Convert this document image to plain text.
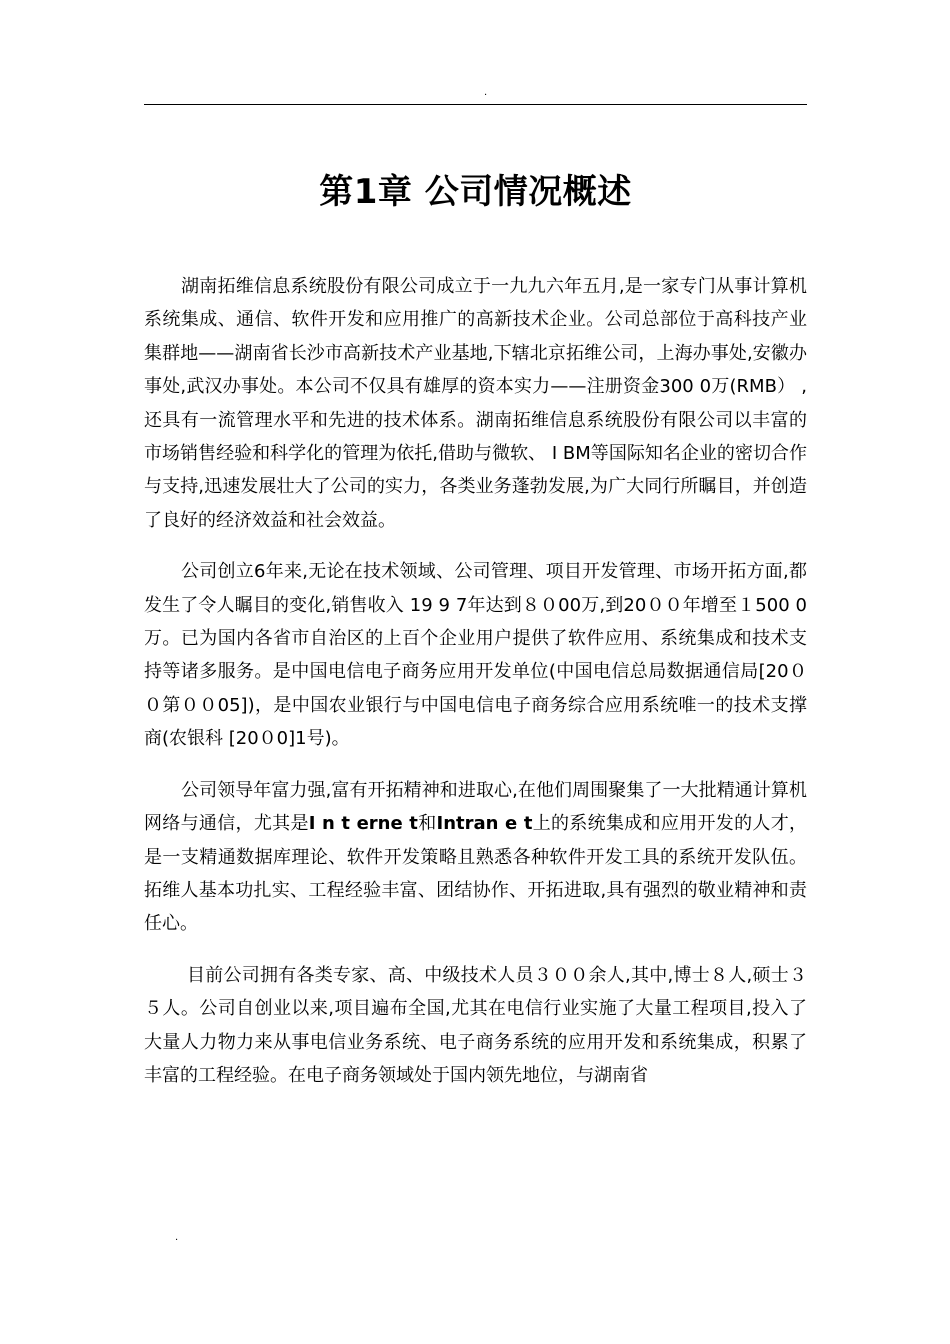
.
第1章 公司情况概述

湖南拓维信息系统股份有限公司成立于一九九六年五月,是一家专门从事计算机系统集成、通信、软件开发和应用推广的高新技术企业。公司总部位于高科技产业集群地——湖南省长沙市高新技术产业基地,下辖北京拓维公司，上海办事处,安徽办事处,武汉办事处。本公司不仅具有雄厚的资本实力——注册资金300 0万(RMB） ,还具有一流管理水平和先进的技术体系。湖南拓维信息系统股份有限公司以丰富的市场销售经验和科学化的管理为依托,借助与微软、 I BM等国际知名企业的密切合作与支持,迅速发展壮大了公司的实力，各类业务蓬勃发展,为广大同行所瞩目，并创造了良好的经济效益和社会效益。

公司创立6年来,无论在技术领域、公司管理、项目开发管理、市场开拓方面,都发生了令人瞩目的变化,销售收入 19 9 7年达到８０00万,到20００年增至１500 0万。已为国内各省市自治区的上百个企业用户提供了软件应用、系统集成和技术支持等诸多服务。是中国电信电子商务应用开发单位(中国电信总局数据通信局[20００第００05])，是中国农业银行与中国电信电子商务综合应用系统唯一的技术支撑商(农银科 [20０0]1号)。

公司领导年富力强,富有开拓精神和进取心,在他们周围聚集了一大批精通计算机网络与通信，尤其是I n t erne t和Intran e t上的系统集成和应用开发的人才，是一支精通数据库理论、软件开发策略且熟悉各种软件开发工具的系统开发队伍。拓维人基本功扎实、工程经验丰富、团结协作、开拓进取,具有强烈的敬业精神和责任心。

目前公司拥有各类专家、高、中级技术人员３００余人,其中,博士８人,硕士３５人。公司自创业以来,项目遍布全国,尤其在电信行业实施了大量工程项目,投入了大量人力物力来从事电信业务系统、电子商务系统的应用开发和系统集成，积累了丰富的工程经验。在电子商务领域处于国内领先地位，与湖南省

.
